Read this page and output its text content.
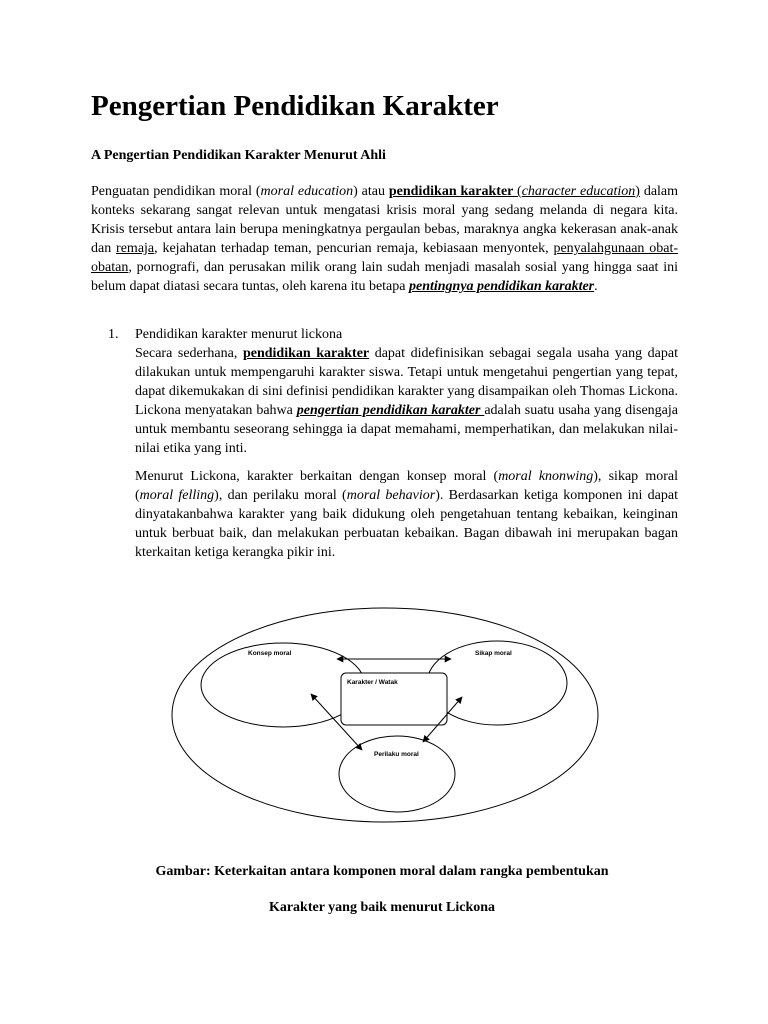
Pengertian Pendidikan Karakter
A Pengertian Pendidikan Karakter Menurut Ahli
Penguatan pendidikan moral (moral education) atau pendidikan karakter (character education) dalam konteks sekarang sangat relevan untuk mengatasi krisis moral yang sedang melanda di negara kita. Krisis tersebut antara lain berupa meningkatnya pergaulan bebas, maraknya angka kekerasan anak-anak dan remaja, kejahatan terhadap teman, pencurian remaja, kebiasaan menyontek, penyalahgunaan obat-obatan, pornografi, dan perusakan milik orang lain sudah menjadi masalah sosial yang hingga saat ini belum dapat diatasi secara tuntas, oleh karena itu betapa pentingnya pendidikan karakter.
1. Pendidikan karakter menurut lickona
Secara sederhana, pendidikan karakter dapat didefinisikan sebagai segala usaha yang dapat dilakukan untuk mempengaruhi karakter siswa. Tetapi untuk mengetahui pengertian yang tepat, dapat dikemukakan di sini definisi pendidikan karakter yang disampaikan oleh Thomas Lickona. Lickona menyatakan bahwa pengertian pendidikan karakter adalah suatu usaha yang disengaja untuk membantu seseorang sehingga ia dapat memahami, memperhatikan, dan melakukan nilai-nilai etika yang inti.
Menurut Lickona, karakter berkaitan dengan konsep moral (moral knonwing), sikap moral (moral felling), dan perilaku moral (moral behavior). Berdasarkan ketiga komponen ini dapat dinyatakanbahwa karakter yang baik didukung oleh pengetahuan tentang kebaikan, keinginan untuk berbuat baik, dan melakukan perbuatan kebaikan. Bagan dibawah ini merupakan bagan kterkaitan ketiga kerangka pikir ini.
Konsep moral	Sikap moral
Karakter / Watak
Perilaku moral
Gambar: Keterkaitan antara komponen moral dalam rangka pembentukan
Karakter yang baik menurut Lickona
